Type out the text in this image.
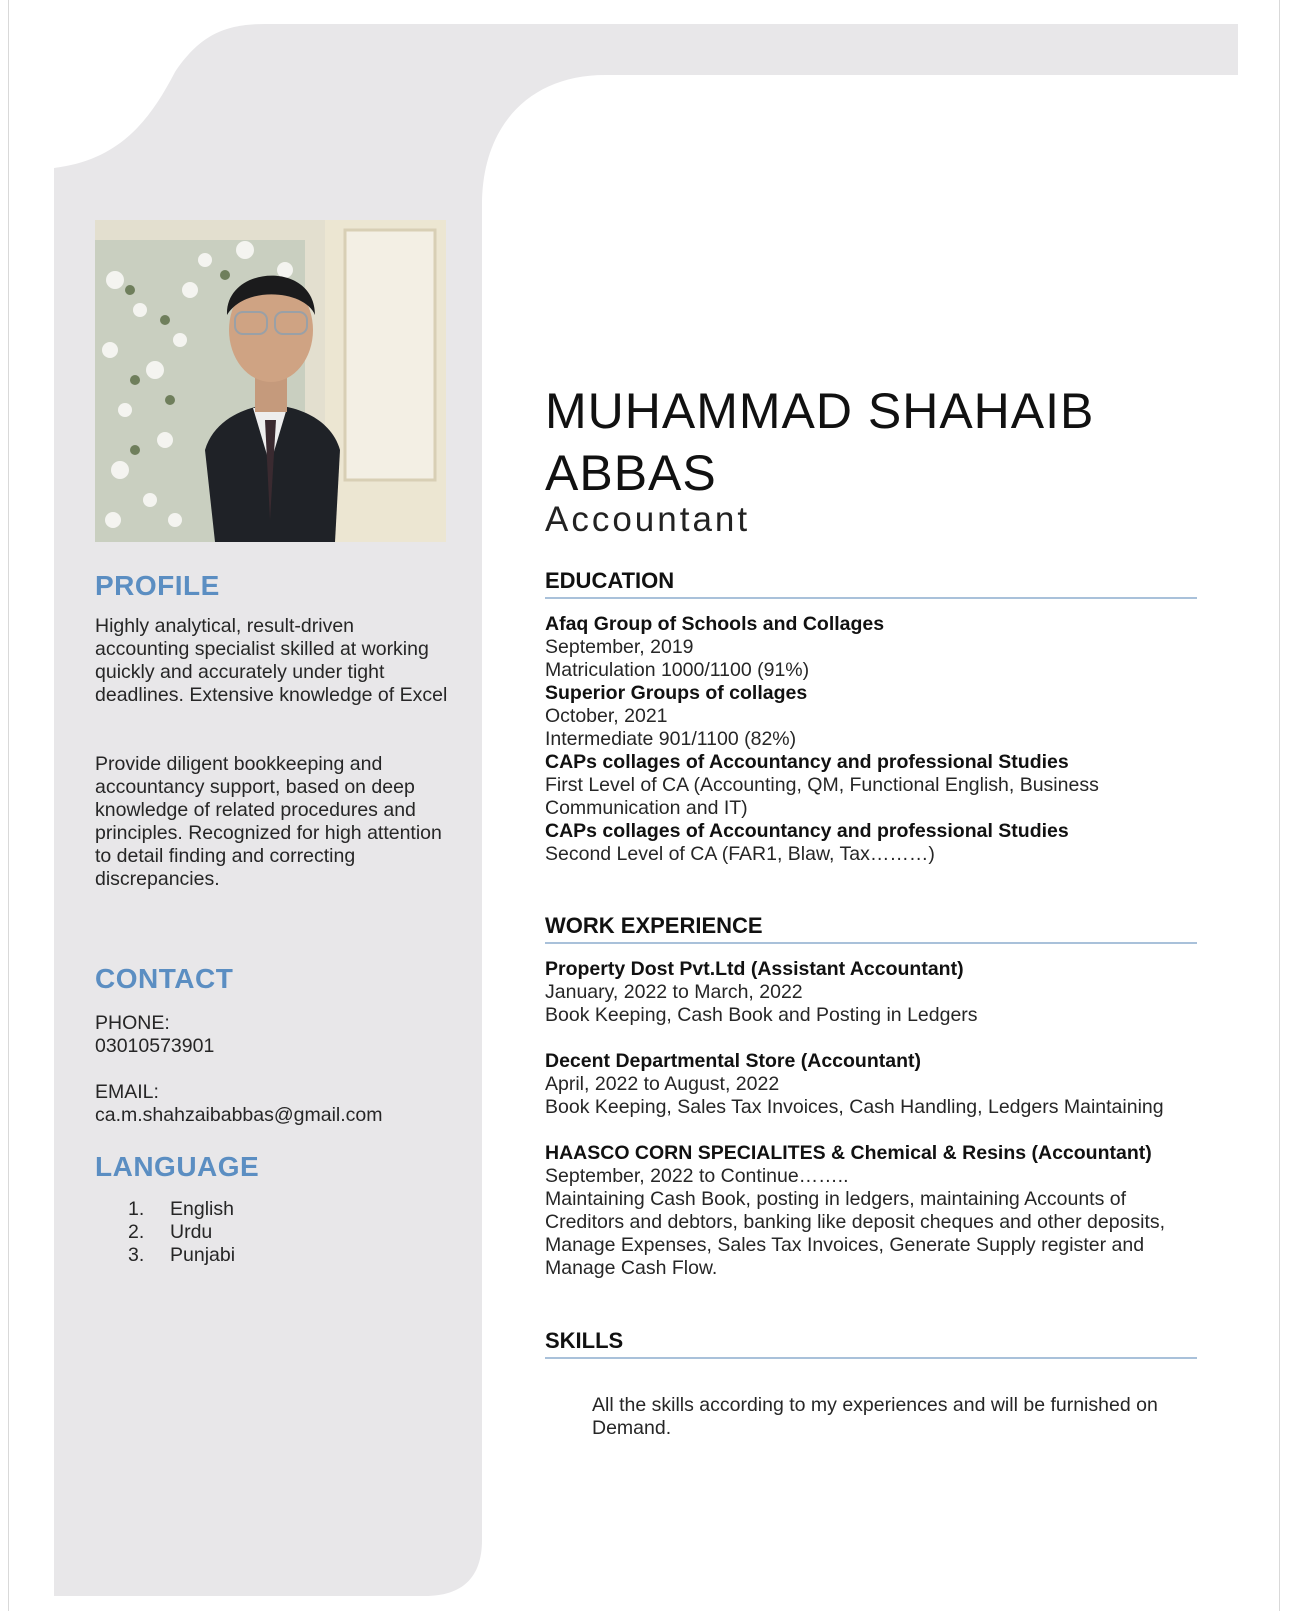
PROFILE

Highly analytical, result-driven accounting specialist skilled at working quickly and accurately under tight deadlines. Extensive knowledge of Excel

Provide diligent bookkeeping and accountancy support, based on deep knowledge of related procedures and principles. Recognized for high attention to detail finding and correcting discrepancies.

CONTACT

PHONE:

03010573901

EMAIL:

ca.m.shahzaibabbas@gmail.com

LANGUAGE
1.	English
2.	Urdu
3.	Punjabi
MUHAMMAD SHAHAIB ABBAS
Accountant
EDUCATION
Afaq Group of Schools and Collages
September, 2019
Matriculation 1000/1100 (91%)
Superior Groups of collages
October, 2021
Intermediate 901/1100 (82%)
CAPs collages of Accountancy and professional Studies
First Level of CA (Accounting, QM, Functional English, Business Communication and IT)
CAPs collages of Accountancy and professional Studies
Second Level of CA (FAR1, Blaw, Tax………)
WORK EXPERIENCE
Property Dost Pvt.Ltd (Assistant Accountant)
January, 2022 to March, 2022
Book Keeping, Cash Book and Posting in Ledgers
Decent Departmental Store (Accountant)
April, 2022 to August, 2022
Book Keeping, Sales Tax Invoices, Cash Handling, Ledgers Maintaining
HAASCO CORN SPECIALITES & Chemical & Resins (Accountant)
September, 2022 to Continue……..
Maintaining Cash Book, posting in ledgers, maintaining Accounts of Creditors and debtors, banking like deposit cheques and other deposits, Manage Expenses, Sales Tax Invoices, Generate Supply register and Manage Cash Flow.
SKILLS

All the skills according to my experiences and will be furnished on Demand.
